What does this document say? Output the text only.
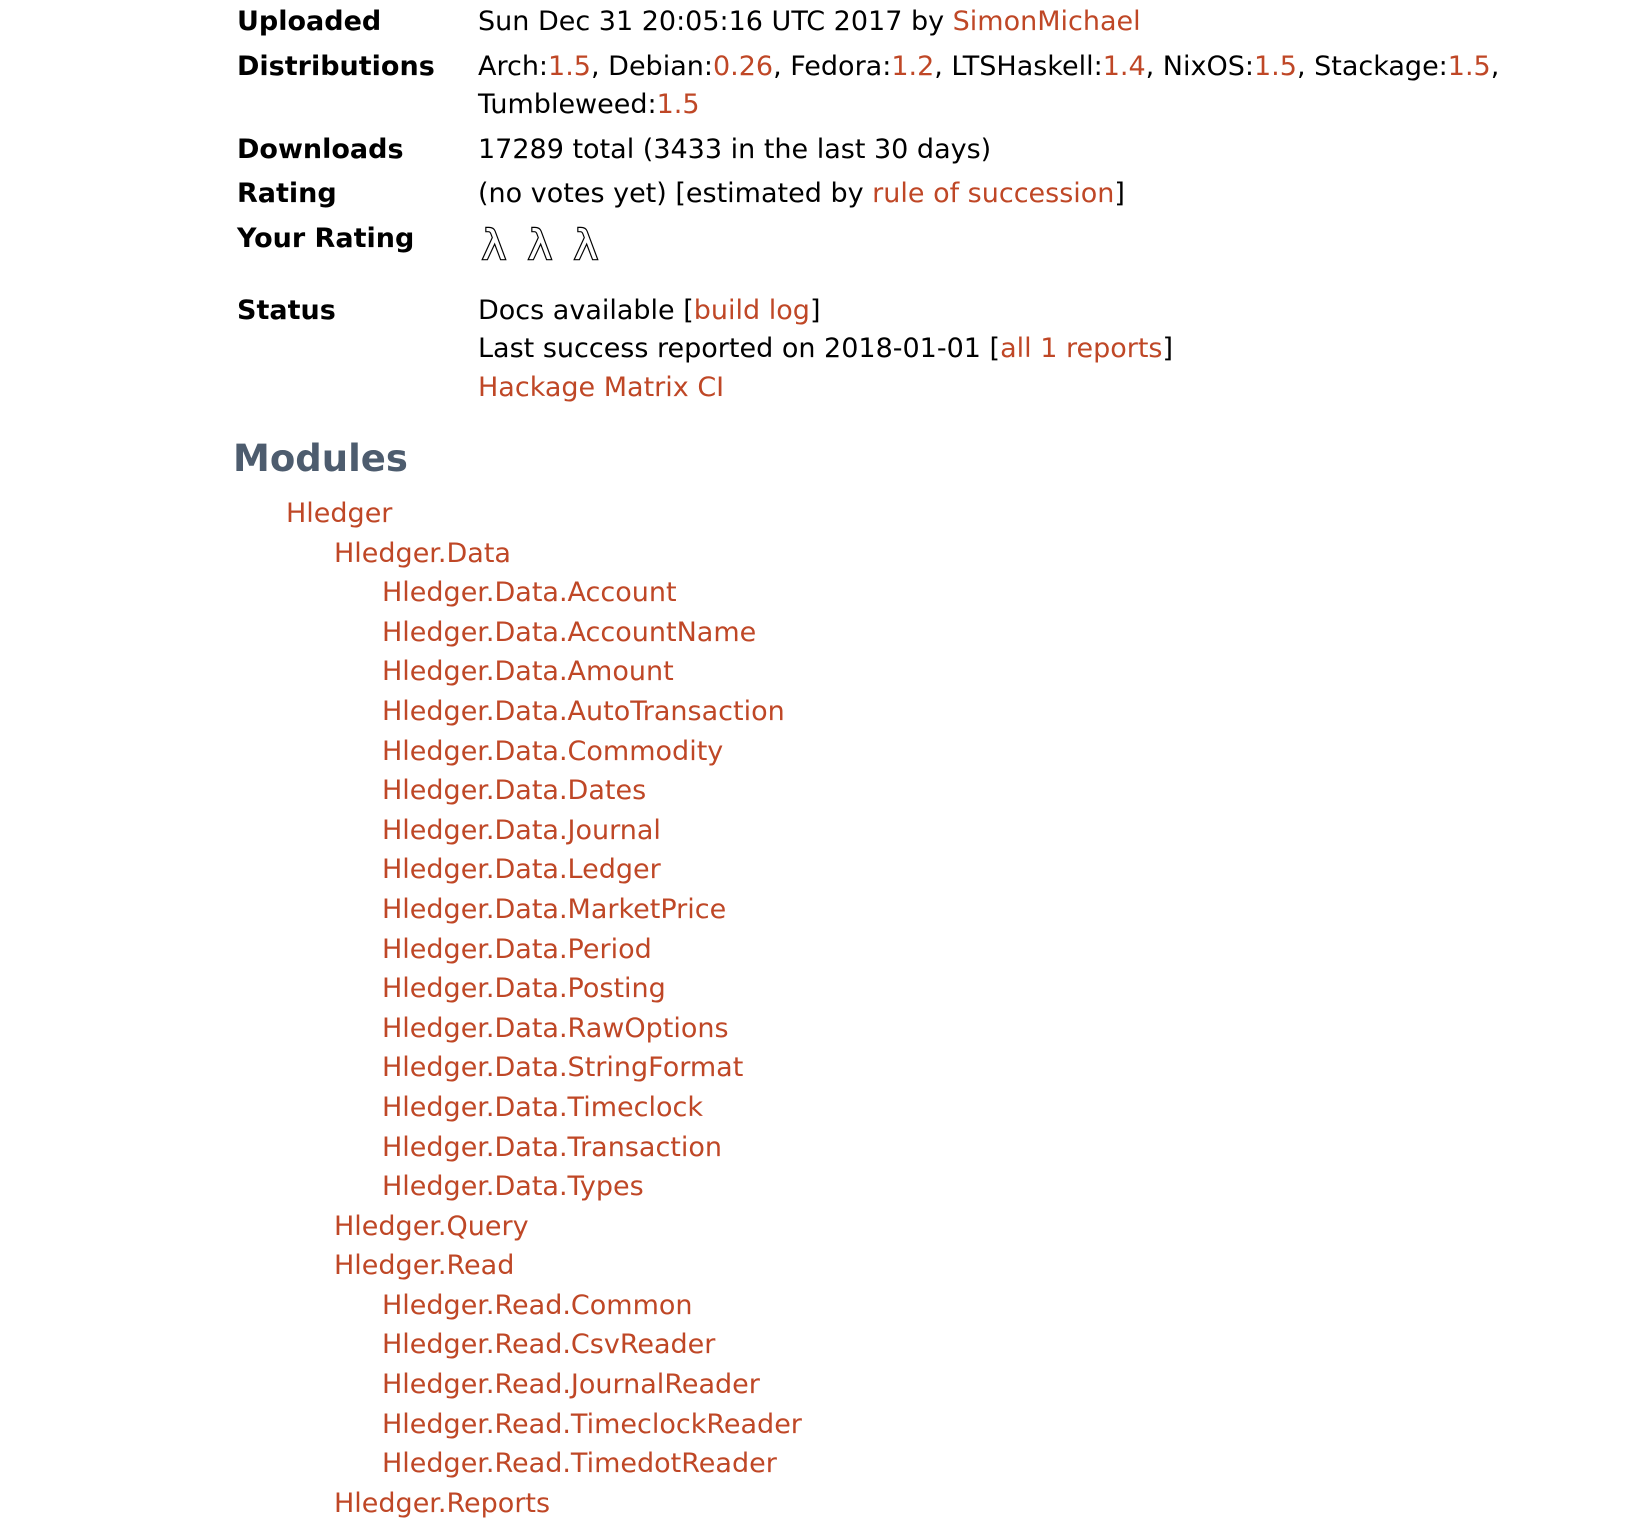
Uploaded	Sun Dec 31 20:05:16 UTC 2017 by SimonMichael

Distributions	Arch:1.5, Debian:0.26, Fedora:1.2, LTSHaskell:1.4, NixOS:1.5, Stackage:1.5, Tumbleweed:1.5

Downloads	17289 total (3433 in the last 30 days)

Rating	(no votes yet) [estimated by rule of succession]

Your Rating	λ λ λ

Status	Docs available [build log]
Last success reported on 2018-01-01 [all 1 reports]
Hackage Matrix CI
Modules
Hledger
Hledger.Data
Hledger.Data.Account
Hledger.Data.AccountName
Hledger.Data.Amount
Hledger.Data.AutoTransaction
Hledger.Data.Commodity
Hledger.Data.Dates
Hledger.Data.Journal
Hledger.Data.Ledger
Hledger.Data.MarketPrice
Hledger.Data.Period
Hledger.Data.Posting
Hledger.Data.RawOptions
Hledger.Data.StringFormat
Hledger.Data.Timeclock
Hledger.Data.Transaction
Hledger.Data.Types
Hledger.Query
Hledger.Read
Hledger.Read.Common
Hledger.Read.CsvReader
Hledger.Read.JournalReader
Hledger.Read.TimeclockReader
Hledger.Read.TimedotReader
Hledger.Reports
